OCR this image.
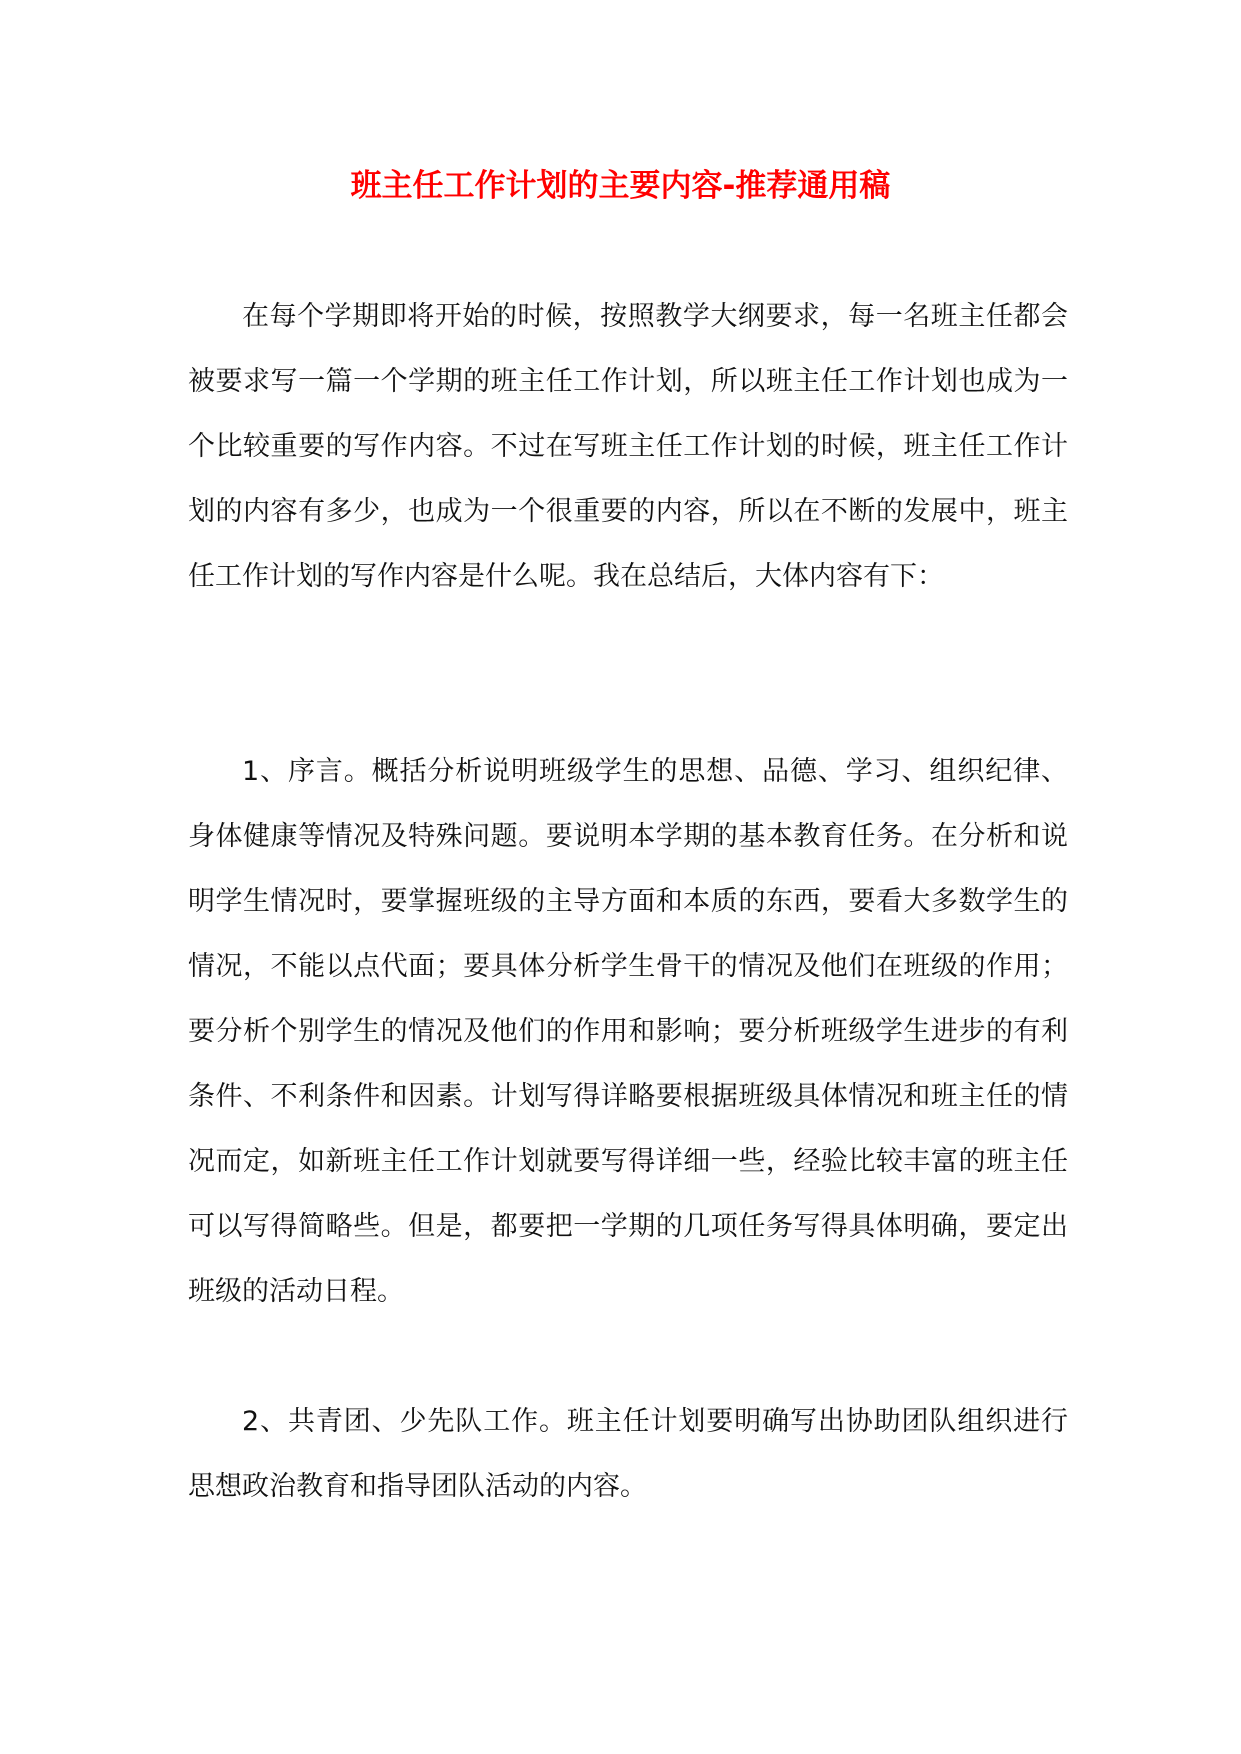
班主任工作计划的主要内容-推荐通用稿

在每个学期即将开始的时候，按照教学大纲要求，每一名班主任都会被要求写一篇一个学期的班主任工作计划，所以班主任工作计划也成为一个比较重要的写作内容。不过在写班主任工作计划的时候，班主任工作计划的内容有多少，也成为一个很重要的内容，所以在不断的发展中，班主任工作计划的写作内容是什么呢。我在总结后，大体内容有下：

1、序言。概括分析说明班级学生的思想、品德、学习、组织纪律、身体健康等情况及特殊问题。要说明本学期的基本教育任务。在分析和说明学生情况时，要掌握班级的主导方面和本质的东西，要看大多数学生的情况，不能以点代面；要具体分析学生骨干的情况及他们在班级的作用；要分析个别学生的情况及他们的作用和影响；要分析班级学生进步的有利条件、不利条件和因素。计划写得详略要根据班级具体情况和班主任的情况而定，如新班主任工作计划就要写得详细一些，经验比较丰富的班主任可以写得简略些。但是，都要把一学期的几项任务写得具体明确，要定出班级的活动日程。

2、共青团、少先队工作。班主任计划要明确写出协助团队组织进行思想政治教育和指导团队活动的内容。
